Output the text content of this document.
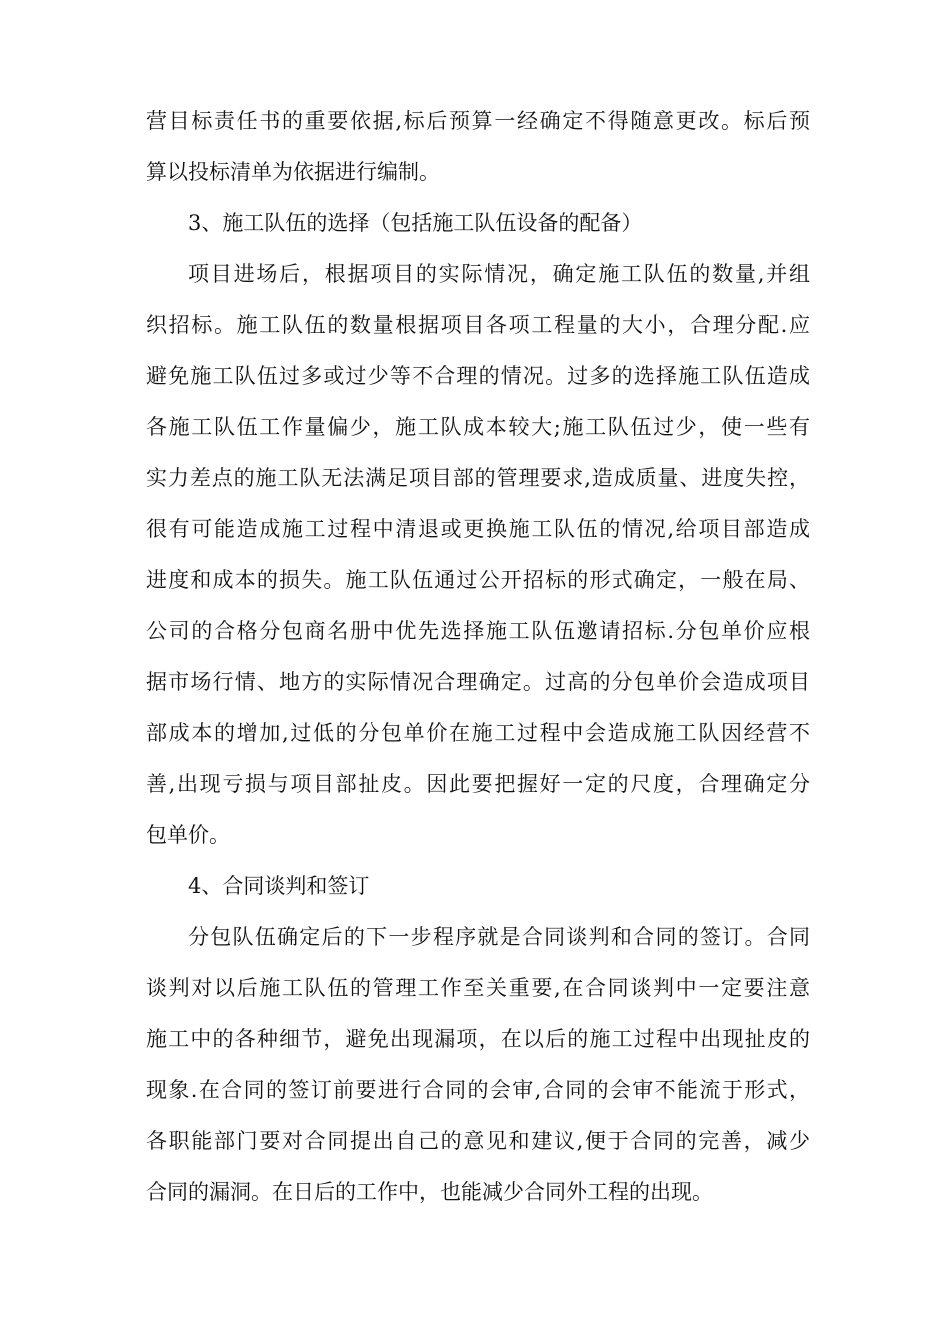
营目标责任书的重要依据,标后预算一经确定不得随意更改。标后预
算以投标清单为依据进行编制。
3、施工队伍的选择（包括施工队伍设备的配备）
项目进场后，根据项目的实际情况，确定施工队伍的数量,并组
织招标。施工队伍的数量根据项目各项工程量的大小，合理分配.应
避免施工队伍过多或过少等不合理的情况。过多的选择施工队伍造成
各施工队伍工作量偏少，施工队成本较大;施工队伍过少，使一些有
实力差点的施工队无法满足项目部的管理要求,造成质量、进度失控，
很有可能造成施工过程中清退或更换施工队伍的情况,给项目部造成
进度和成本的损失。施工队伍通过公开招标的形式确定，一般在局、
公司的合格分包商名册中优先选择施工队伍邀请招标.分包单价应根
据市场行情、地方的实际情况合理确定。过高的分包单价会造成项目
部成本的增加,过低的分包单价在施工过程中会造成施工队因经营不
善,出现亏损与项目部扯皮。因此要把握好一定的尺度，合理确定分
包单价。
4、合同谈判和签订
分包队伍确定后的下一步程序就是合同谈判和合同的签订。合同
谈判对以后施工队伍的管理工作至关重要,在合同谈判中一定要注意
施工中的各种细节，避免出现漏项，在以后的施工过程中出现扯皮的
现象.在合同的签订前要进行合同的会审,合同的会审不能流于形式，
各职能部门要对合同提出自己的意见和建议,便于合同的完善，减少
合同的漏洞。在日后的工作中，也能减少合同外工程的出现。
